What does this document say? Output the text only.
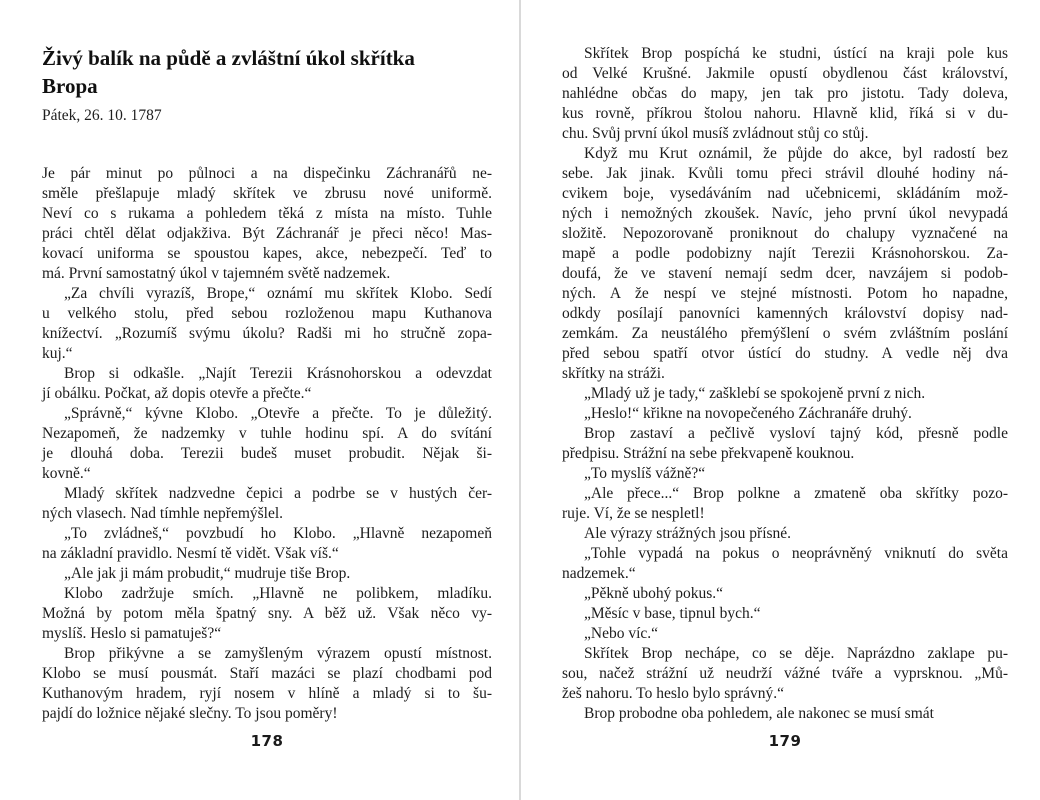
Živý balík na půdě a zvláštní úkol skřítka
Bropa
Pátek, 26. 10. 1787
Je pár minut po půlnoci a na dispečinku Záchranářů ne-
směle přešlapuje mladý skřítek ve zbrusu nové uniformě.
Neví co s rukama a pohledem těká z místa na místo. Tuhle
práci chtěl dělat odjakživa. Být Záchranář je přeci něco! Mas-
kovací uniforma se spoustou kapes, akce, nebezpečí. Teď to
má. První samostatný úkol v tajemném světě nadzemek.
„Za chvíli vyrazíš, Brope,“ oznámí mu skřítek Klobo. Sedí
u velkého stolu, před sebou rozloženou mapu Kuthanova
knížectví. „Rozumíš svýmu úkolu? Radši mi ho stručně zopa-
kuj.“
Brop si odkašle. „Najít Terezii Krásnohorskou a odevzdat
jí obálku. Počkat, až dopis otevře a přečte.“
„Správně,“ kývne Klobo. „Otevře a přečte. To je důležitý.
Nezapomeň, že nadzemky v tuhle hodinu spí. A do svítání
je dlouhá doba. Terezii budeš muset probudit. Nějak ši-
kovně.“
Mladý skřítek nadzvedne čepici a podrbe se v hustých čer-
ných vlasech. Nad tímhle nepřemýšlel.
„To zvládneš,“ povzbudí ho Klobo. „Hlavně nezapomeň
na základní pravidlo. Nesmí tě vidět. Však víš.“
„Ale jak ji mám probudit,“ mudruje tiše Brop.
Klobo zadržuje smích. „Hlavně ne polibkem, mladíku.
Možná by potom měla špatný sny. A běž už. Však něco vy-
myslíš. Heslo si pamatuješ?“
Brop přikývne a se zamyšleným výrazem opustí místnost.
Klobo se musí pousmát. Staří mazáci se plazí chodbami pod
Kuthanovým hradem, ryjí nosem v hlíně a mladý si to šu-
pajdí do ložnice nějaké slečny. To jsou poměry!
178
Skřítek Brop pospíchá ke studni, ústící na kraji pole kus
od Velké Krušné. Jakmile opustí obydlenou část království,
nahlédne občas do mapy, jen tak pro jistotu. Tady doleva,
kus rovně, příkrou štolou nahoru. Hlavně klid, říká si v du-
chu. Svůj první úkol musíš zvládnout stůj co stůj.
Když mu Krut oznámil, že půjde do akce, byl radostí bez
sebe. Jak jinak. Kvůli tomu přeci strávil dlouhé hodiny ná-
cvikem boje, vysedáváním nad učebnicemi, skládáním mož-
ných i nemožných zkoušek. Navíc, jeho první úkol nevypadá
složitě. Nepozorovaně proniknout do chalupy vyznačené na
mapě a podle podobizny najít Terezii Krásnohorskou. Za-
doufá, že ve stavení nemají sedm dcer, navzájem si podob-
ných. A že nespí ve stejné místnosti. Potom ho napadne,
odkdy posílají panovníci kamenných království dopisy nad-
zemkám. Za neustálého přemýšlení o svém zvláštním poslání
před sebou spatří otvor ústící do studny. A vedle něj dva
skřítky na stráži.
„Mladý už je tady,“ zašklebí se spokojeně první z nich.
„Heslo!“ křikne na novopečeného Záchranáře druhý.
Brop zastaví a pečlivě vysloví tajný kód, přesně podle
předpisu. Strážní na sebe překvapeně kouknou.
„To myslíš vážně?“
„Ale přece...“ Brop polkne a zmateně oba skřítky pozo-
ruje. Ví, že se nespletl!
Ale výrazy strážných jsou přísné.
„Tohle vypadá na pokus o neoprávněný vniknutí do světa
nadzemek.“
„Pěkně ubohý pokus.“
„Měsíc v base, tipnul bych.“
„Nebo víc.“
Skřítek Brop nechápe, co se děje. Naprázdno zaklape pu-
sou, načež strážní už neudrží vážné tváře a vyprsknou. „Mů-
žeš nahoru. To heslo bylo správný.“
Brop probodne oba pohledem, ale nakonec se musí smát
179
